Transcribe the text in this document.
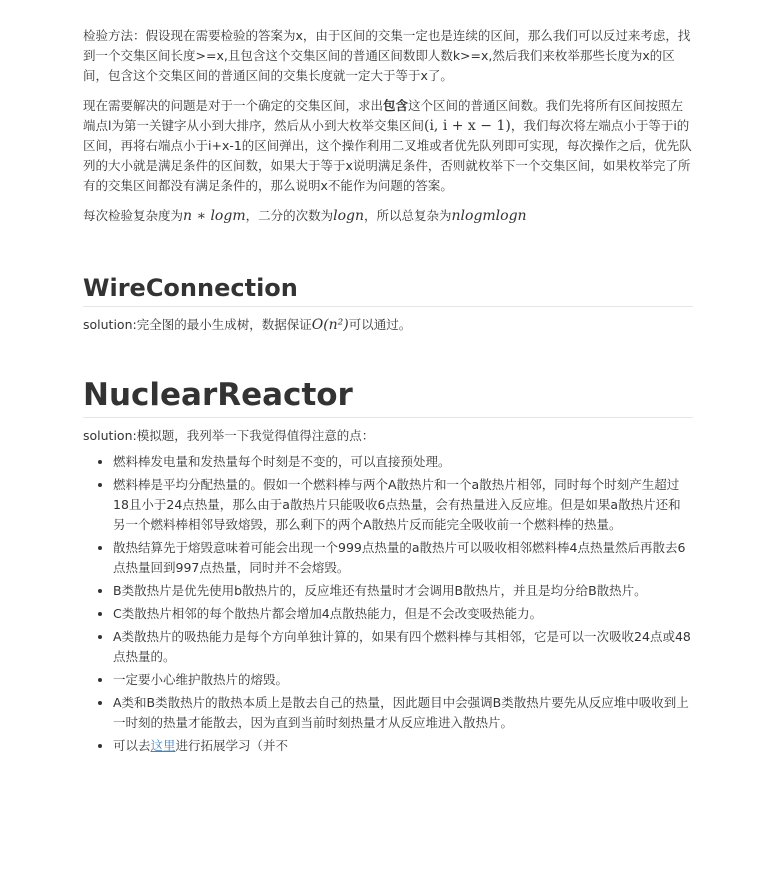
检验方法：假设现在需要检验的答案为x，由于区间的交集一定也是连续的区间，那么我们可以反过来考虑，找到一个交集区间长度>=x,且包含这个交集区间的普通区间数即人数k>=x,然后我们来枚举那些长度为x的区间，包含这个交集区间的普通区间的交集长度就一定大于等于x了。

现在需要解决的问题是对于一个确定的交集区间，求出包含这个区间的普通区间数。我们先将所有区间按照左端点l为第一关键字从小到大排序，然后从小到大枚举交集区间(i, i + x − 1)，我们每次将左端点小于等于i的区间，再将右端点小于i+x-1的区间弹出，这个操作利用二叉堆或者优先队列即可实现，每次操作之后，优先队列的大小就是满足条件的区间数，如果大于等于x说明满足条件，否则就枚举下一个交集区间，如果枚举完了所有的交集区间都没有满足条件的，那么说明x不能作为问题的答案。

每次检验复杂度为n ∗ logm，二分的次数为logn，所以总复杂为nlogmlogn

WireConnection

solution:完全图的最小生成树，数据保证O(n²)可以通过。

NuclearReactor

solution:模拟题，我列举一下我觉得值得注意的点：

• 燃料棒发电量和发热量每个时刻是不变的，可以直接预处理。
• 燃料棒是平均分配热量的。假如一个燃料棒与两个A散热片和一个a散热片相邻，同时每个时刻产生超过18且小于24点热量，那么由于a散热片只能吸收6点热量，会有热量进入反应堆。但是如果a散热片还和另一个燃料棒相邻导致熔毁，那么剩下的两个A散热片反而能完全吸收前一个燃料棒的热量。
• 散热结算先于熔毁意味着可能会出现一个999点热量的a散热片可以吸收相邻燃料棒4点热量然后再散去6点热量回到997点热量，同时并不会熔毁。
• B类散热片是优先使用b散热片的，反应堆还有热量时才会调用B散热片，并且是均分给B散热片。
• C类散热片相邻的每个散热片都会增加4点散热能力，但是不会改变吸热能力。
• A类散热片的吸热能力是每个方向单独计算的，如果有四个燃料棒与其相邻，它是可以一次吸收24点或48点热量的。
• 一定要小心维护散热片的熔毁。
• A类和B类散热片的散热本质上是散去自己的热量，因此题目中会强调B类散热片要先从反应堆中吸收到上一时刻的热量才能散去，因为直到当前时刻热量才从反应堆进入散热片。
• 可以去这里进行拓展学习（并不
